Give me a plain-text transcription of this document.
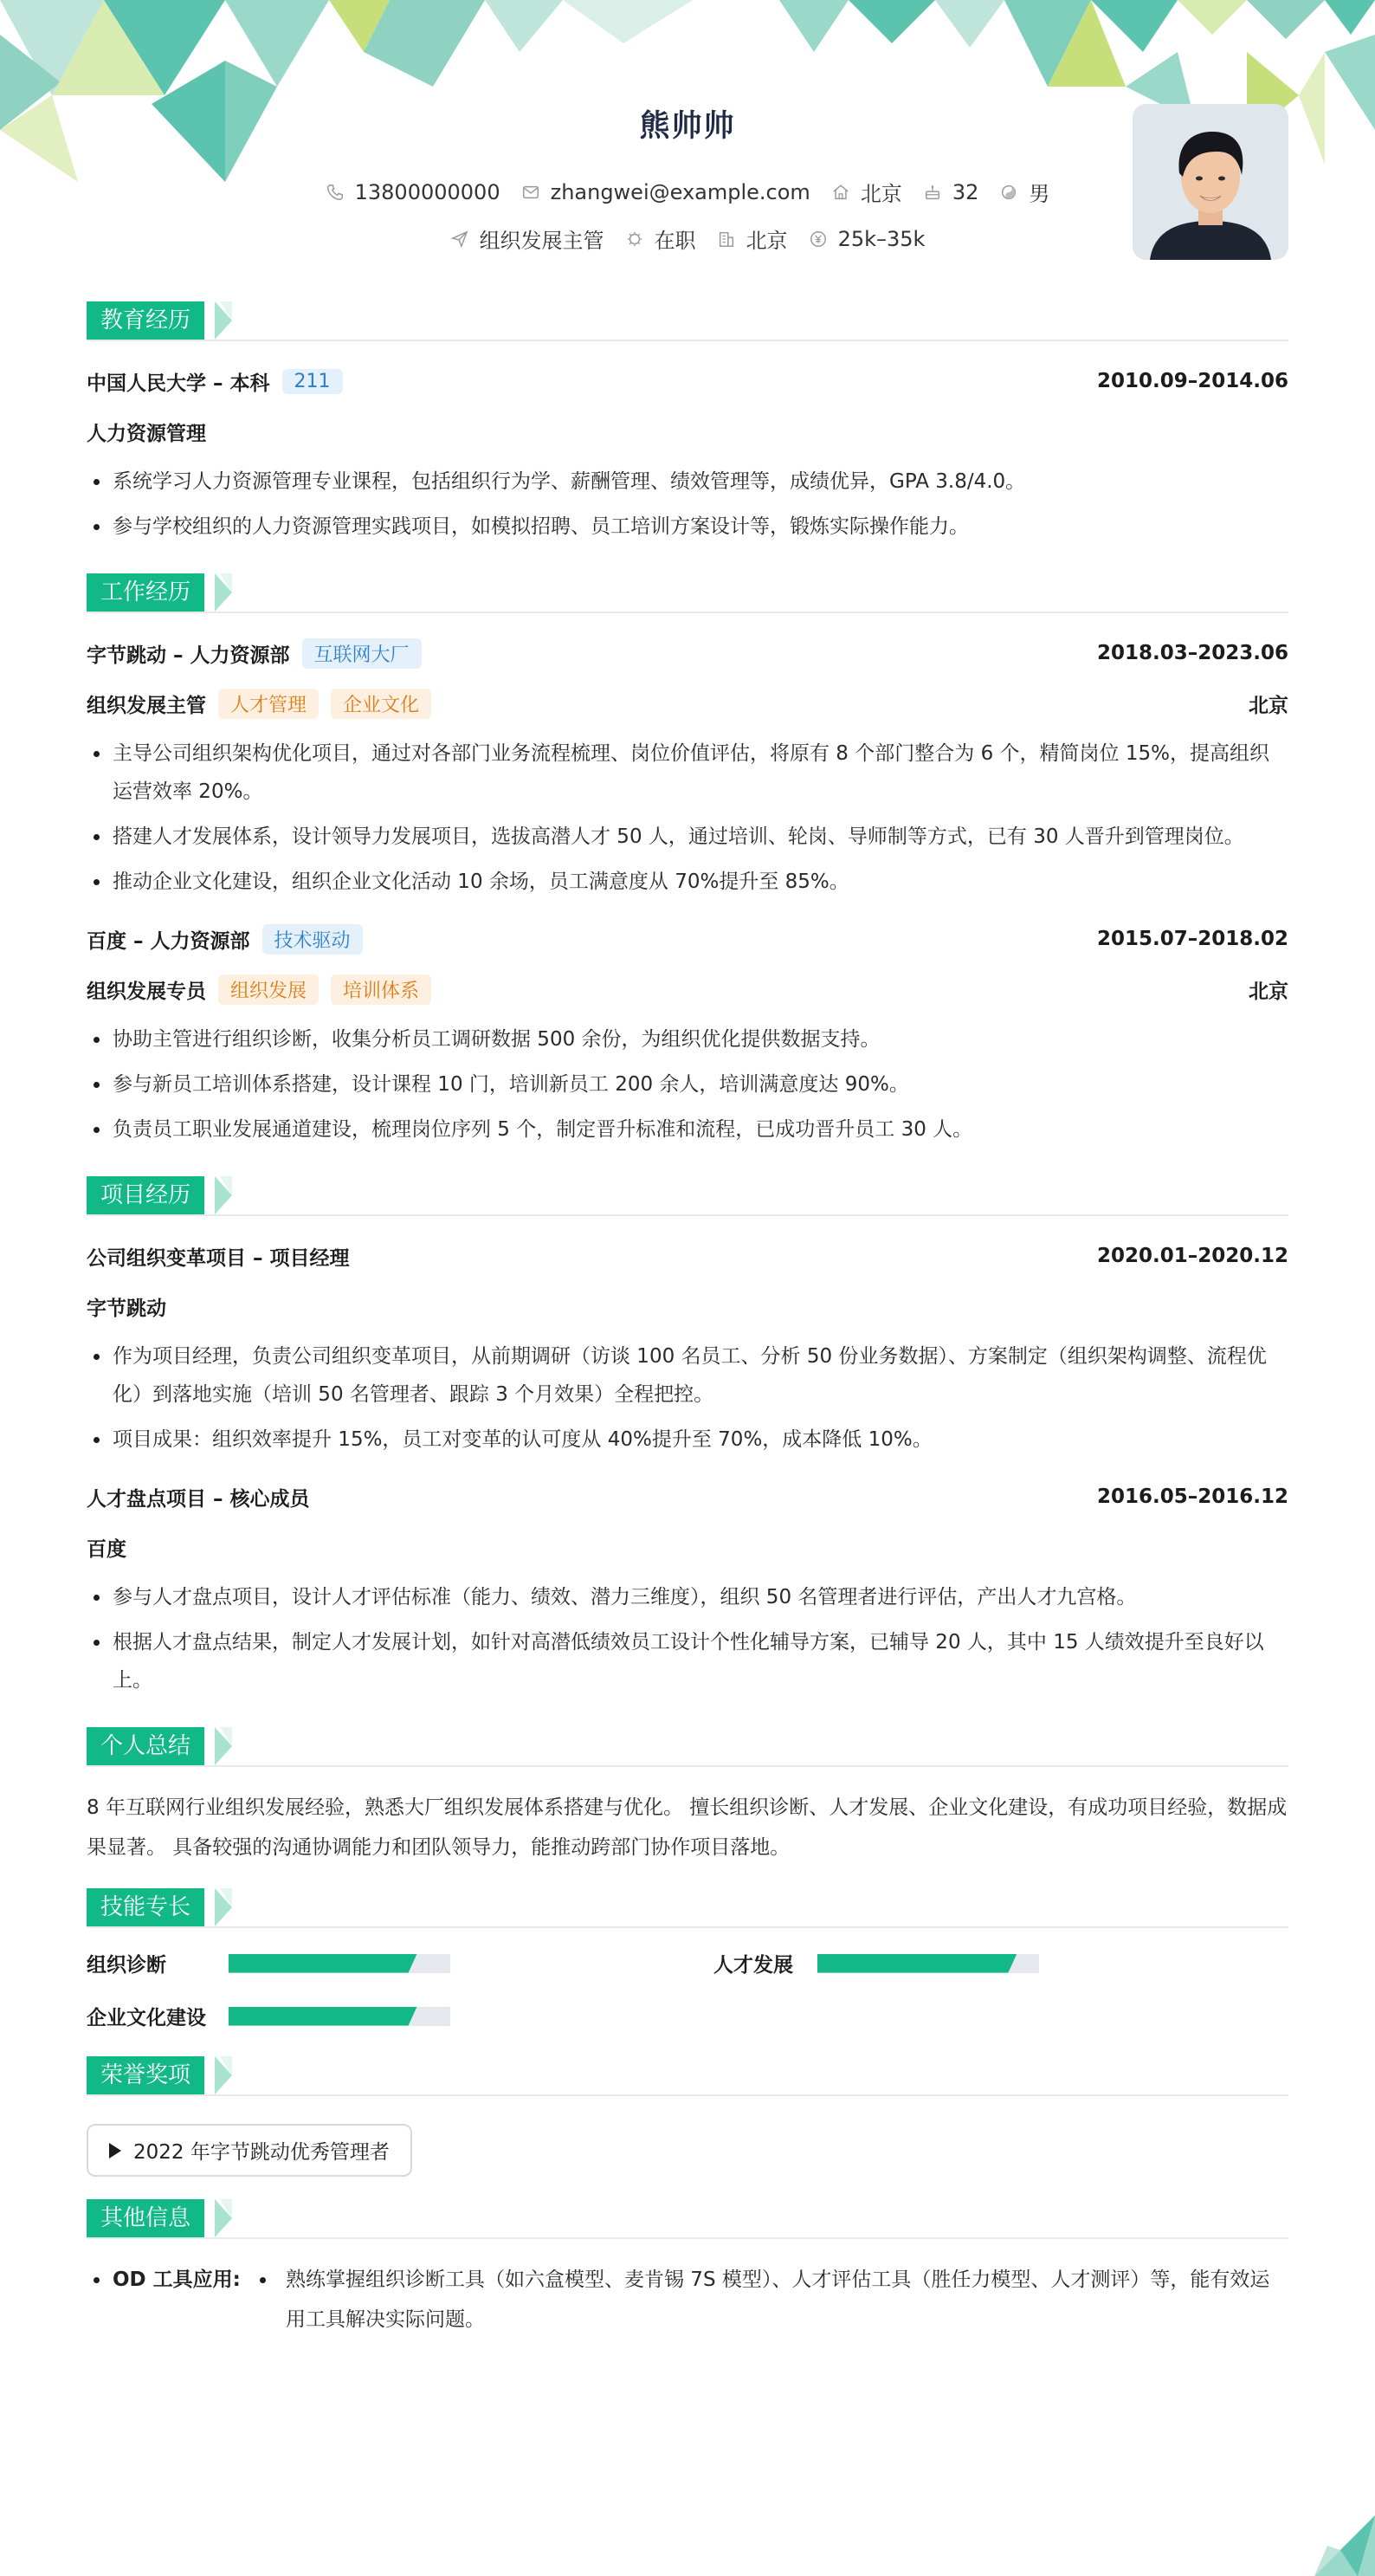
熊帅帅
13800000000 zhangwei@example.com 北京 32 男
组织发展主管 在职 北京 25k–35k
教育经历
中国人民大学 – 本科	211	2010.09–2014.06
人力资源管理
系统学习人力资源管理专业课程，包括组织行为学、薪酬管理、绩效管理等，成绩优异，GPA 3.8/4.0。
参与学校组织的人力资源管理实践项目，如模拟招聘、员工培训方案设计等，锻炼实际操作能力。
工作经历
字节跳动 – 人力资源部	互联网大厂	2018.03–2023.06
组织发展主管	人才管理	企业文化	北京
主导公司组织架构优化项目，通过对各部门业务流程梳理、岗位价值评估，将原有 8 个部门整合为 6 个，精简岗位 15%，提高组织运营效率 20%。
搭建人才发展体系，设计领导力发展项目，选拔高潜人才 50 人，通过培训、轮岗、导师制等方式，已有 30 人晋升到管理岗位。
推动企业文化建设，组织企业文化活动 10 余场，员工满意度从 70%提升至 85%。
百度 – 人力资源部	技术驱动	2015.07–2018.02
组织发展专员	组织发展	培训体系	北京
协助主管进行组织诊断，收集分析员工调研数据 500 余份，为组织优化提供数据支持。
参与新员工培训体系搭建，设计课程 10 门，培训新员工 200 余人，培训满意度达 90%。
负责员工职业发展通道建设，梳理岗位序列 5 个，制定晋升标准和流程，已成功晋升员工 30 人。
项目经历
公司组织变革项目 – 项目经理	2020.01–2020.12
字节跳动
作为项目经理，负责公司组织变革项目，从前期调研（访谈 100 名员工、分析 50 份业务数据）、方案制定（组织架构调整、流程优化）到落地实施（培训 50 名管理者、跟踪 3 个月效果）全程把控。
项目成果：组织效率提升 15%，员工对变革的认可度从 40%提升至 70%，成本降低 10%。
人才盘点项目 – 核心成员	2016.05–2016.12
百度
参与人才盘点项目，设计人才评估标准（能力、绩效、潜力三维度），组织 50 名管理者进行评估，产出人才九宫格。
根据人才盘点结果，制定人才发展计划，如针对高潜低绩效员工设计个性化辅导方案，已辅导 20 人，其中 15 人绩效提升至良好以上。
个人总结

8 年互联网行业组织发展经验，熟悉大厂组织发展体系搭建与优化。 擅长组织诊断、人才发展、企业文化建设，有成功项目经验，数据成果显著。 具备较强的沟通协调能力和团队领导力，能推动跨部门协作项目落地。

技能专长
组织诊断	人才发展
企业文化建设
荣誉奖项
2022 年字节跳动优秀管理者
其他信息
OD 工具应用:	熟练掌握组织诊断工具（如六盒模型、麦肯锡 7S 模型）、人才评估工具（胜任力模型、人才测评）等，能有效运用工具解决实际问题。
